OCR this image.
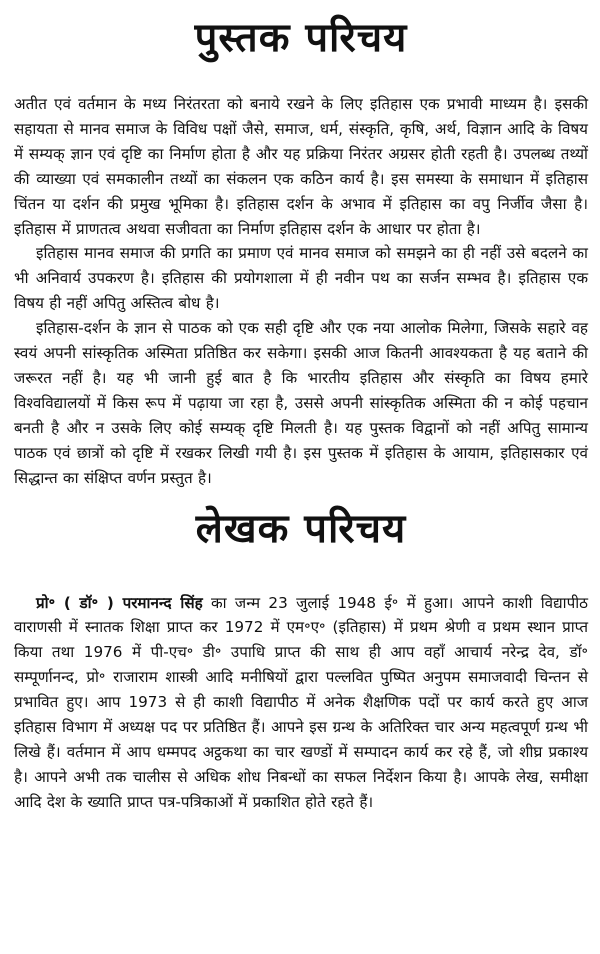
पुस्तक परिचय

अतीत एवं वर्तमान के मध्य निरंतरता को बनाये रखने के लिए इतिहास एक प्रभावी माध्यम है। इसकी सहायता से मानव समाज के विविध पक्षों जैसे, समाज, धर्म, संस्कृति, कृषि, अर्थ, विज्ञान आदि के विषय में सम्यक् ज्ञान एवं दृष्टि का निर्माण होता है और यह प्रक्रिया निरंतर अग्रसर होती रहती है। उपलब्ध तथ्यों की व्याख्या एवं समकालीन तथ्यों का संकलन एक कठिन कार्य है। इस समस्या के समाधान में इतिहास चिंतन या दर्शन की प्रमुख भूमिका है। इतिहास दर्शन के अभाव में इतिहास का वपु निर्जीव जैसा है। इतिहास में प्राणतत्व अथवा सजीवता का निर्माण इतिहास दर्शन के आधार पर होता है।

इतिहास मानव समाज की प्रगति का प्रमाण एवं मानव समाज को समझने का ही नहीं उसे बदलने का भी अनिवार्य उपकरण है। इतिहास की प्रयोगशाला में ही नवीन पथ का सर्जन सम्भव है। इतिहास एक विषय ही नहीं अपितु अस्तित्व बोध है।

इतिहास-दर्शन के ज्ञान से पाठक को एक सही दृष्टि और एक नया आलोक मिलेगा, जिसके सहारे वह स्वयं अपनी सांस्कृतिक अस्मिता प्रतिष्ठित कर सकेगा। इसकी आज कितनी आवश्यकता है यह बताने की जरूरत नहीं है। यह भी जानी हुई बात है कि भारतीय इतिहास और संस्कृति का विषय हमारे विश्वविद्यालयों में किस रूप में पढ़ाया जा रहा है, उससे अपनी सांस्कृतिक अस्मिता की न कोई पहचान बनती है और न उसके लिए कोई सम्यक् दृष्टि मिलती है। यह पुस्तक विद्वानों को नहीं अपितु सामान्य पाठक एवं छात्रों को दृष्टि में रखकर लिखी गयी है। इस पुस्तक में इतिहास के आयाम, इतिहासकार एवं सिद्धान्त का संक्षिप्त वर्णन प्रस्तुत है।

लेखक परिचय

प्रो॰ ( डॉ॰ ) परमानन्द सिंह का जन्म 23 जुलाई 1948 ई॰ में हुआ। आपने काशी विद्यापीठ वाराणसी में स्नातक शिक्षा प्राप्त कर 1972 में एम॰ए॰ (इतिहास) में प्रथम श्रेणी व प्रथम स्थान प्राप्त किया तथा 1976 में पी-एच॰ डी॰ उपाधि प्राप्त की साथ ही आप वहाँ आचार्य नरेन्द्र देव, डॉ॰ सम्पूर्णानन्द, प्रो॰ राजाराम शास्त्री आदि मनीषियों द्वारा पल्लवित पुष्पित अनुपम समाजवादी चिन्तन से प्रभावित हुए। आप 1973 से ही काशी विद्यापीठ में अनेक शैक्षणिक पदों पर कार्य करते हुए आज इतिहास विभाग में अध्यक्ष पद पर प्रतिष्ठित हैं। आपने इस ग्रन्थ के अतिरिक्त चार अन्य महत्वपूर्ण ग्रन्थ भी लिखे हैं। वर्तमान में आप धम्मपद अट्ठकथा का चार खण्डों में सम्पादन कार्य कर रहे हैं, जो शीघ्र प्रकाश्य है। आपने अभी तक चालीस से अधिक शोध निबन्धों का सफल निर्देशन किया है। आपके लेख, समीक्षा आदि देश के ख्याति प्राप्त पत्र-पत्रिकाओं में प्रकाशित होते रहते हैं।
